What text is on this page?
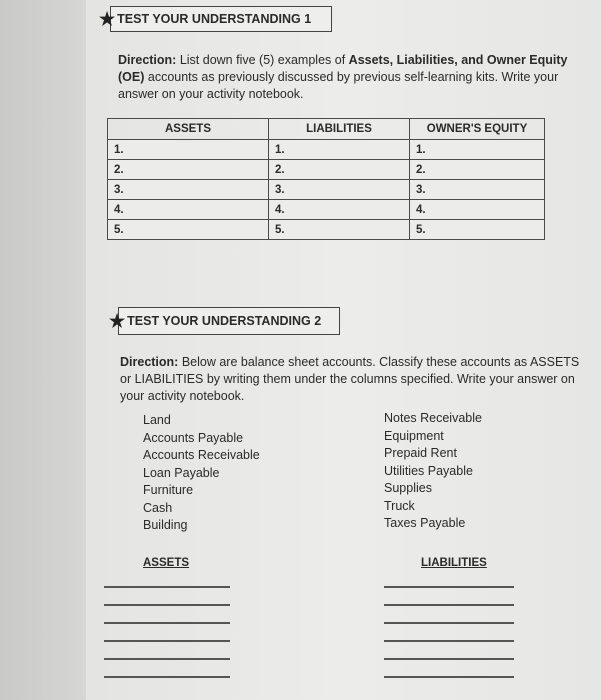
★ TEST YOUR UNDERSTANDING 1
Direction: List down five (5) examples of Assets, Liabilities, and Owner Equity (OE) accounts as previously discussed by previous self-learning kits. Write your answer on your activity notebook.
ASSETS	LIABILITIES	OWNER'S EQUITY
1.	1.	1.
2.	2.	2.
3.	3.	3.
4.	4.	4.
5.	5.	5.
★ TEST YOUR UNDERSTANDING 2
Direction: Below are balance sheet accounts. Classify these accounts as ASSETS or LIABILITIES by writing them under the columns specified. Write your answer on your activity notebook.
Land
Accounts Payable
Accounts Receivable
Loan Payable
Furniture
Cash
Building
Notes Receivable
Equipment
Prepaid Rent
Utilities Payable
Supplies
Truck
Taxes Payable
ASSETS	LIABILITIES
